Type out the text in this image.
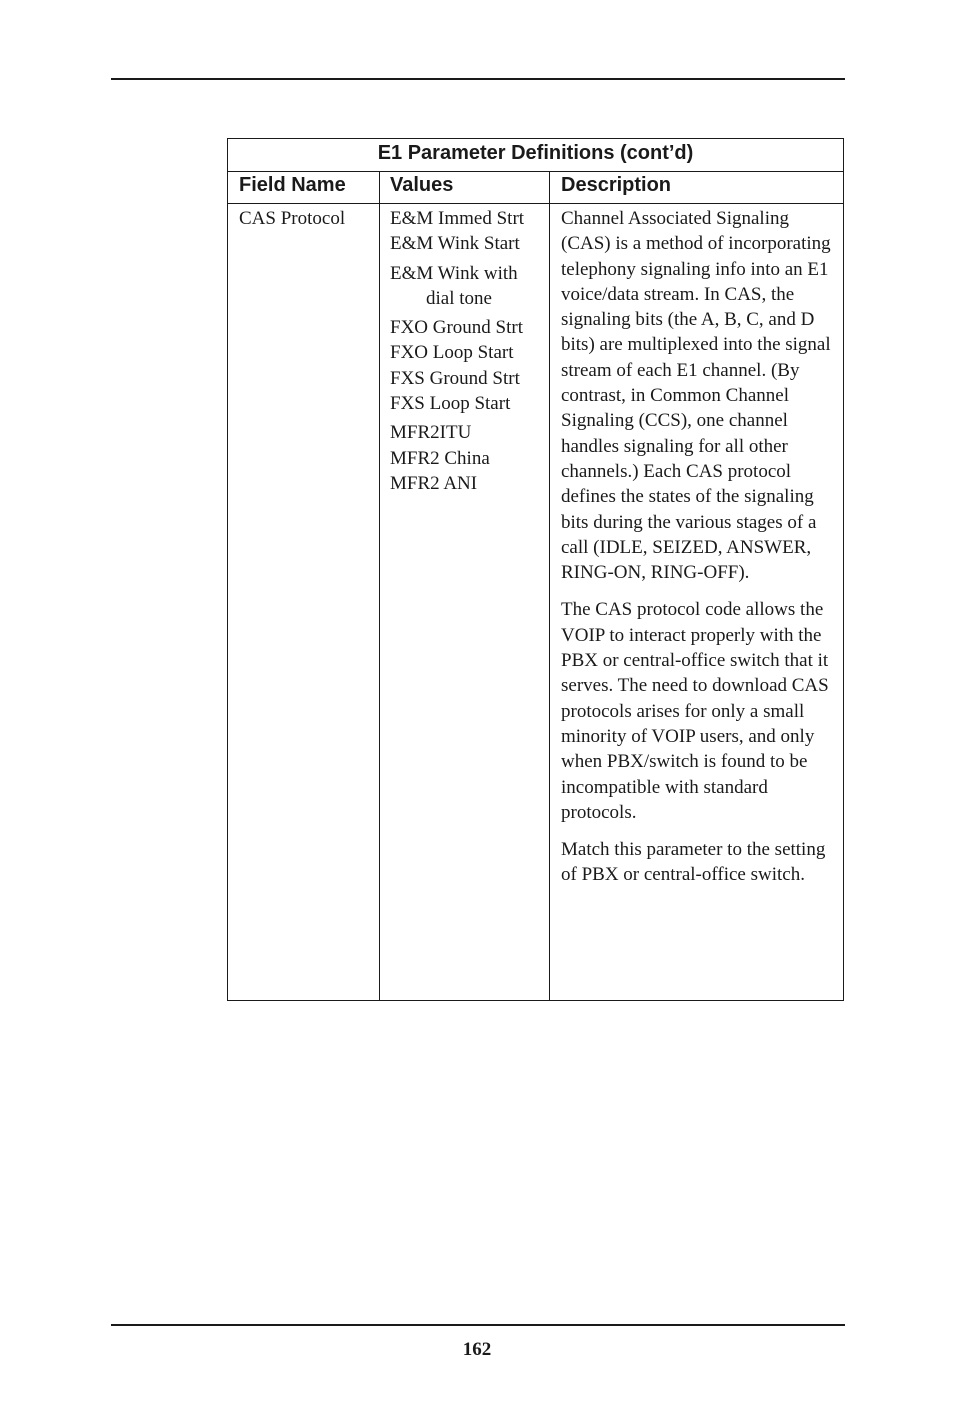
E1 Parameter Definitions (cont’d)
Field Name Values	Description
CAS Protocol E&M Immed Strt
E&M Wink Start
E&M Wink with
dial tone
FXO Ground Strt
FXO Loop Start
FXS Ground Strt
FXS Loop Start
MFR2ITU
MFR2 China
MFR2 ANI

Channel Associated Signaling (CAS) is a method of incorporating telephony signaling info into an E1 voice/data stream. In CAS, the signaling bits (the A, B, C, and D bits) are multiplexed into the signal stream of each E1 channel. (By contrast, in Common Channel Signaling (CCS), one channel handles signaling for all other channels.) Each CAS protocol defines the states of the signaling bits during the various stages of a call (IDLE, SEIZED, ANSWER, RING-ON, RING-OFF).

The CAS protocol code allows the VOIP to interact properly with the PBX or central-office switch that it serves. The need to download CAS protocols arises for only a small minority of VOIP users, and only when PBX/switch is found to be incompatible with standard protocols.

Match this parameter to the setting of PBX or central-office switch.

162
